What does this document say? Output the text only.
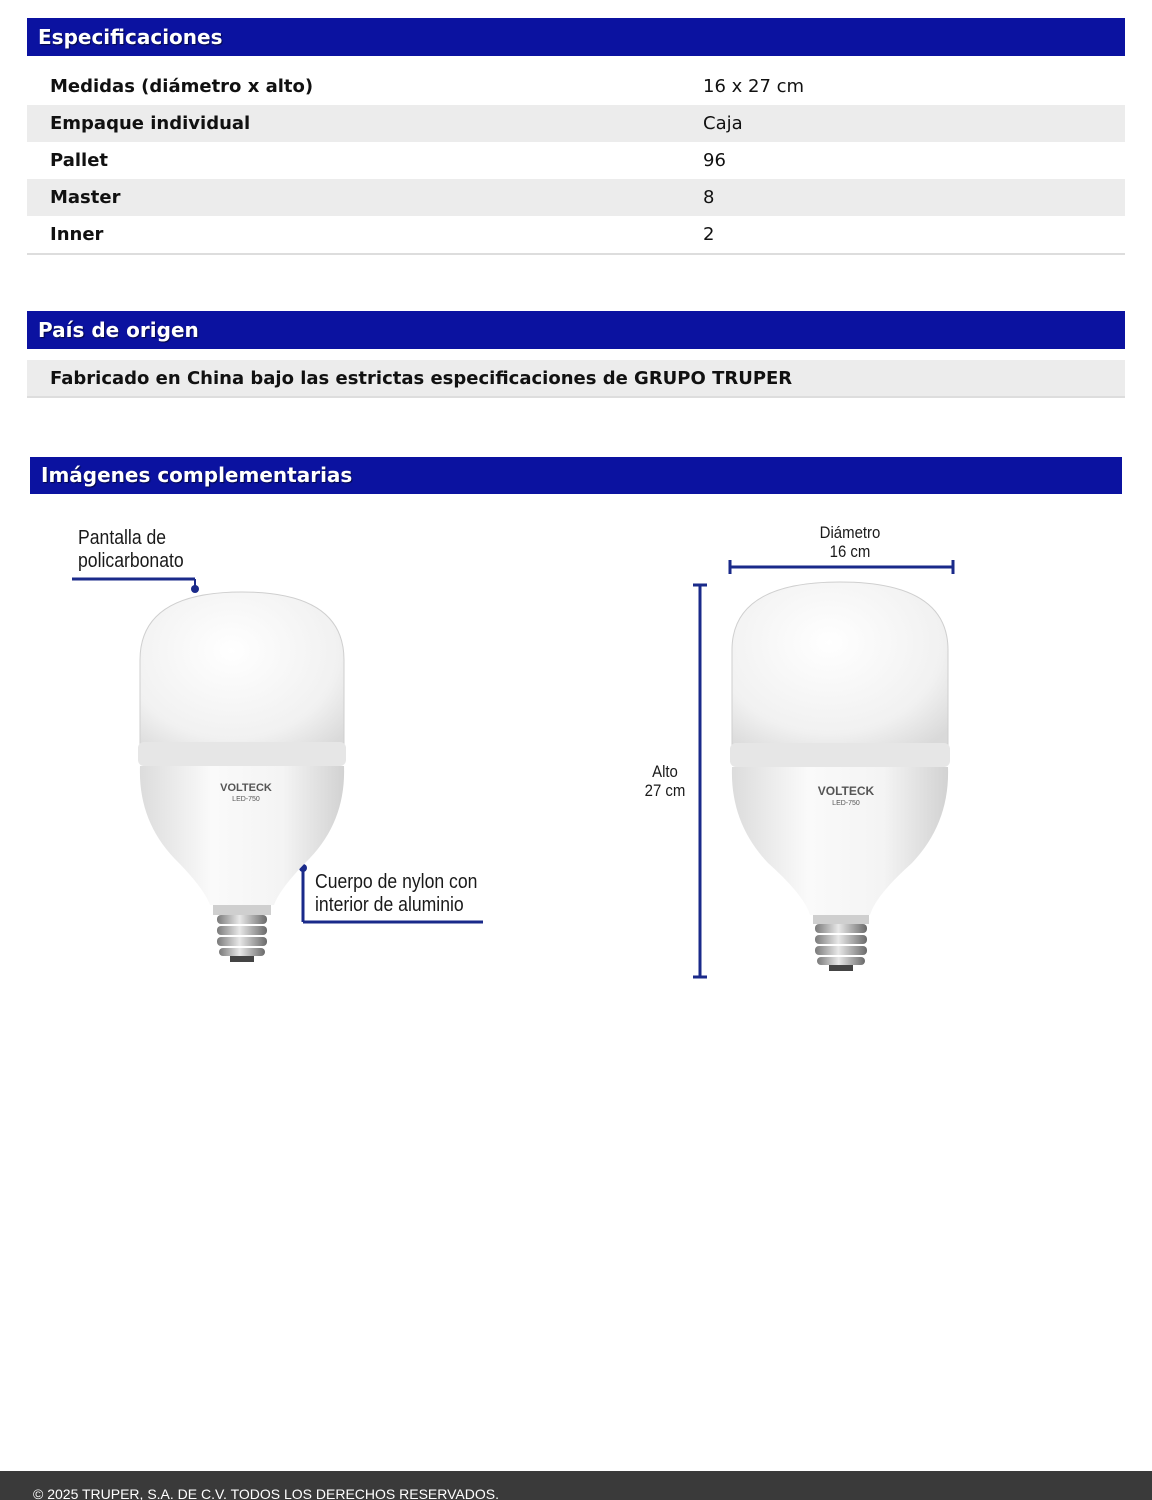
Especificaciones
Medidas (diámetro x alto)	16 x 27 cm
Empaque individual	Caja
Pallet	96
Master	8
Inner	2
País de origen
Fabricado en China bajo las estrictas especificaciones de GRUPO TRUPER
Imágenes complementarias
Pantalla de
policarbonato
Cuerpo de nylon con
interior de aluminio
Diámetro
16 cm
Alto
27 cm
VOLTECK
LED-750
VOLTECK
LED-750
© 2025 TRUPER, S.A. DE C.V. TODOS LOS DERECHOS RESERVADOS.
